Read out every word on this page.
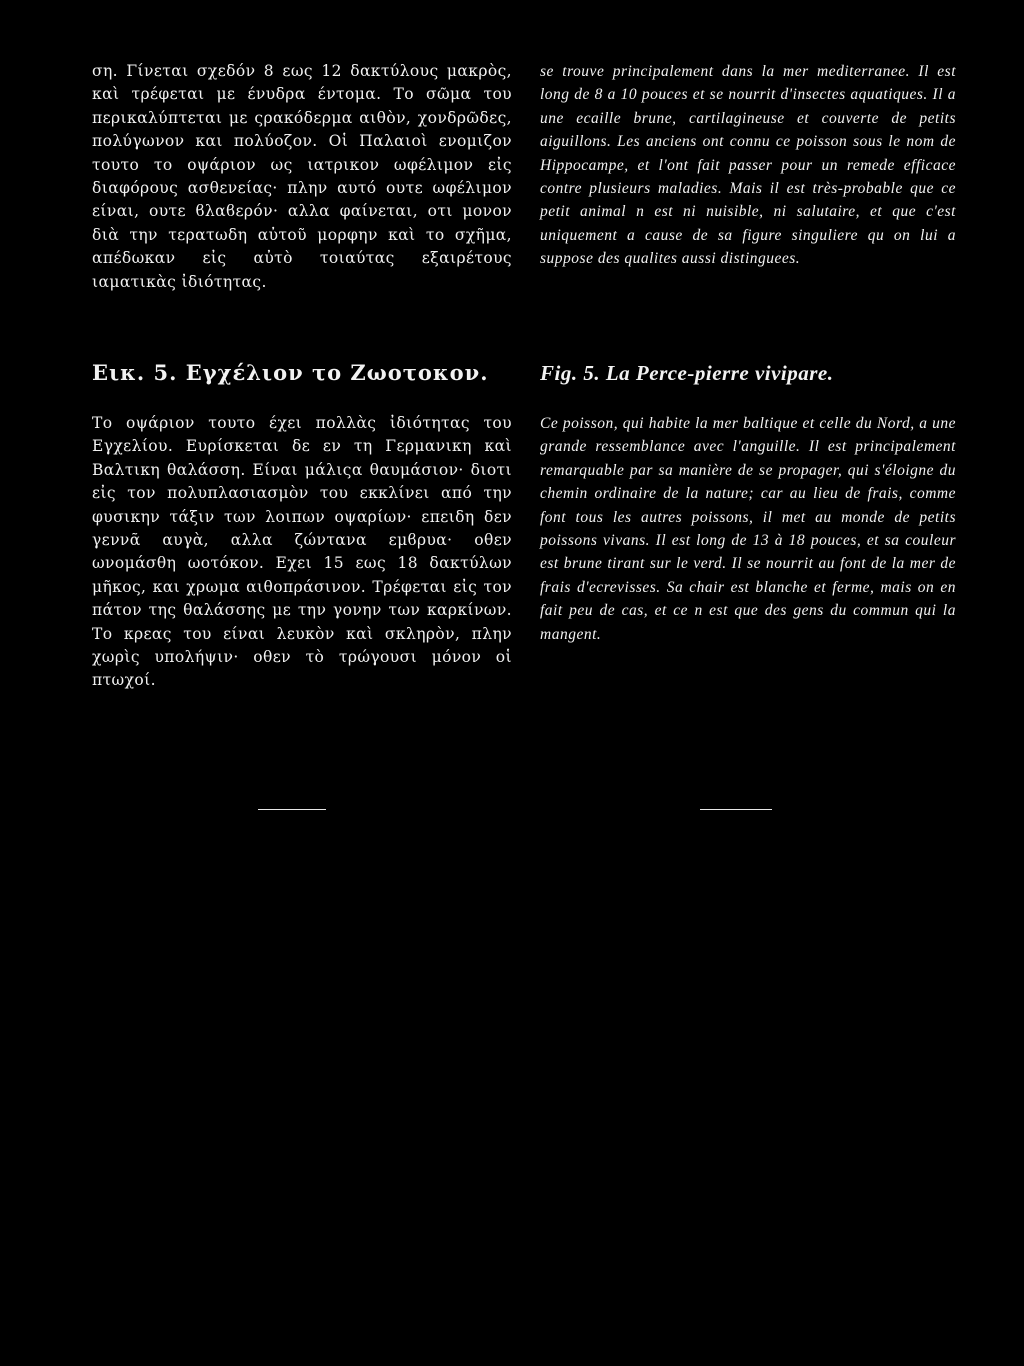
ση. Γίνεται σχεδόν 8 εως 12 δακτύλους μακρὸς, καὶ τρέφεται με ένυδρα έντομα. Το σῶμα του περικαλύπτεται με ςρακόδερμα αιθὸν, χονδρῶδες, πολύγωνον και πολύοζον. Οἱ Παλαιοὶ ενομιζον τουτο το οψάριον ως ιατρικον ωφέλιμον εἰς διαφόρους ασθενείας· πλην αυτό ουτε ωφέλιμον είναι, ουτε ϐλαϐερόν· αλλα φαίνεται, οτι μονον διὰ την τερατωδη αὐτοῦ μορφην καὶ το σχῆμα, απέδωκαν εἰς αὐτὸ τοιαύτας εξαιρέτους ιαματικὰς ἰδιότητας.

Εικ. 5. Εγχέλιον το Ζωοτοκον.

Το οψάριον τουτο έχει πολλὰς ἰδιότητας του Εγχελίου. Ευρίσκεται δε εν τη Γερμανικη καὶ Βαλτικη θαλάσση. Είναι μάλιςα θαυμάσιον· διοτι εἰς τον πολυπλασιασμὸν του εκκλίνει από την φυσικην τάξιν των λοιπων οψαρίων· επειδη δεν γεννᾶ αυγὰ, αλλα ζώντανα εμϐρυα· οθεν ωνομάσθη ωοτόκον. Εχει 15 εως 18 δακτύλων μῆκος, και χρωμα αιθοπράσινον. Τρέφεται εἰς τον πάτον της θαλάσσης με την γονην των καρκίνων. Το κρεας του είναι λευκὸν καὶ σκληρὸν, πλην χωρὶς υπολήψιν· οθεν τὸ τρώγουσι μόνον οἱ πτωχοί.

se trouve principalement dans la mer mediterranee. Il est long de 8 a 10 pouces et se nourrit d'insectes aquatiques. Il a une ecaille brune, cartilagineuse et couverte de petits aiguillons. Les anciens ont connu ce poisson sous le nom de Hippocampe, et l'ont fait passer pour un remede efficace contre plusieurs maladies. Mais il est très-probable que ce petit animal n est ni nuisible, ni salutaire, et que c'est uniquement a cause de sa figure singuliere qu on lui a suppose des qualites aussi distinguees.

Fig. 5. La Perce-pierre vivipare.

Ce poisson, qui habite la mer baltique et celle du Nord, a une grande ressemblance avec l'anguille. Il est principalement remarquable par sa manière de se propager, qui s'éloigne du chemin ordinaire de la nature; car au lieu de frais, comme font tous les autres poissons, il met au monde de petits poissons vivans. Il est long de 13 à 18 pouces, et sa couleur est brune tirant sur le verd. Il se nourrit au font de la mer de frais d'ecrevisses. Sa chair est blanche et ferme, mais on en fait peu de cas, et ce n est que des gens du commun qui la mangent.
